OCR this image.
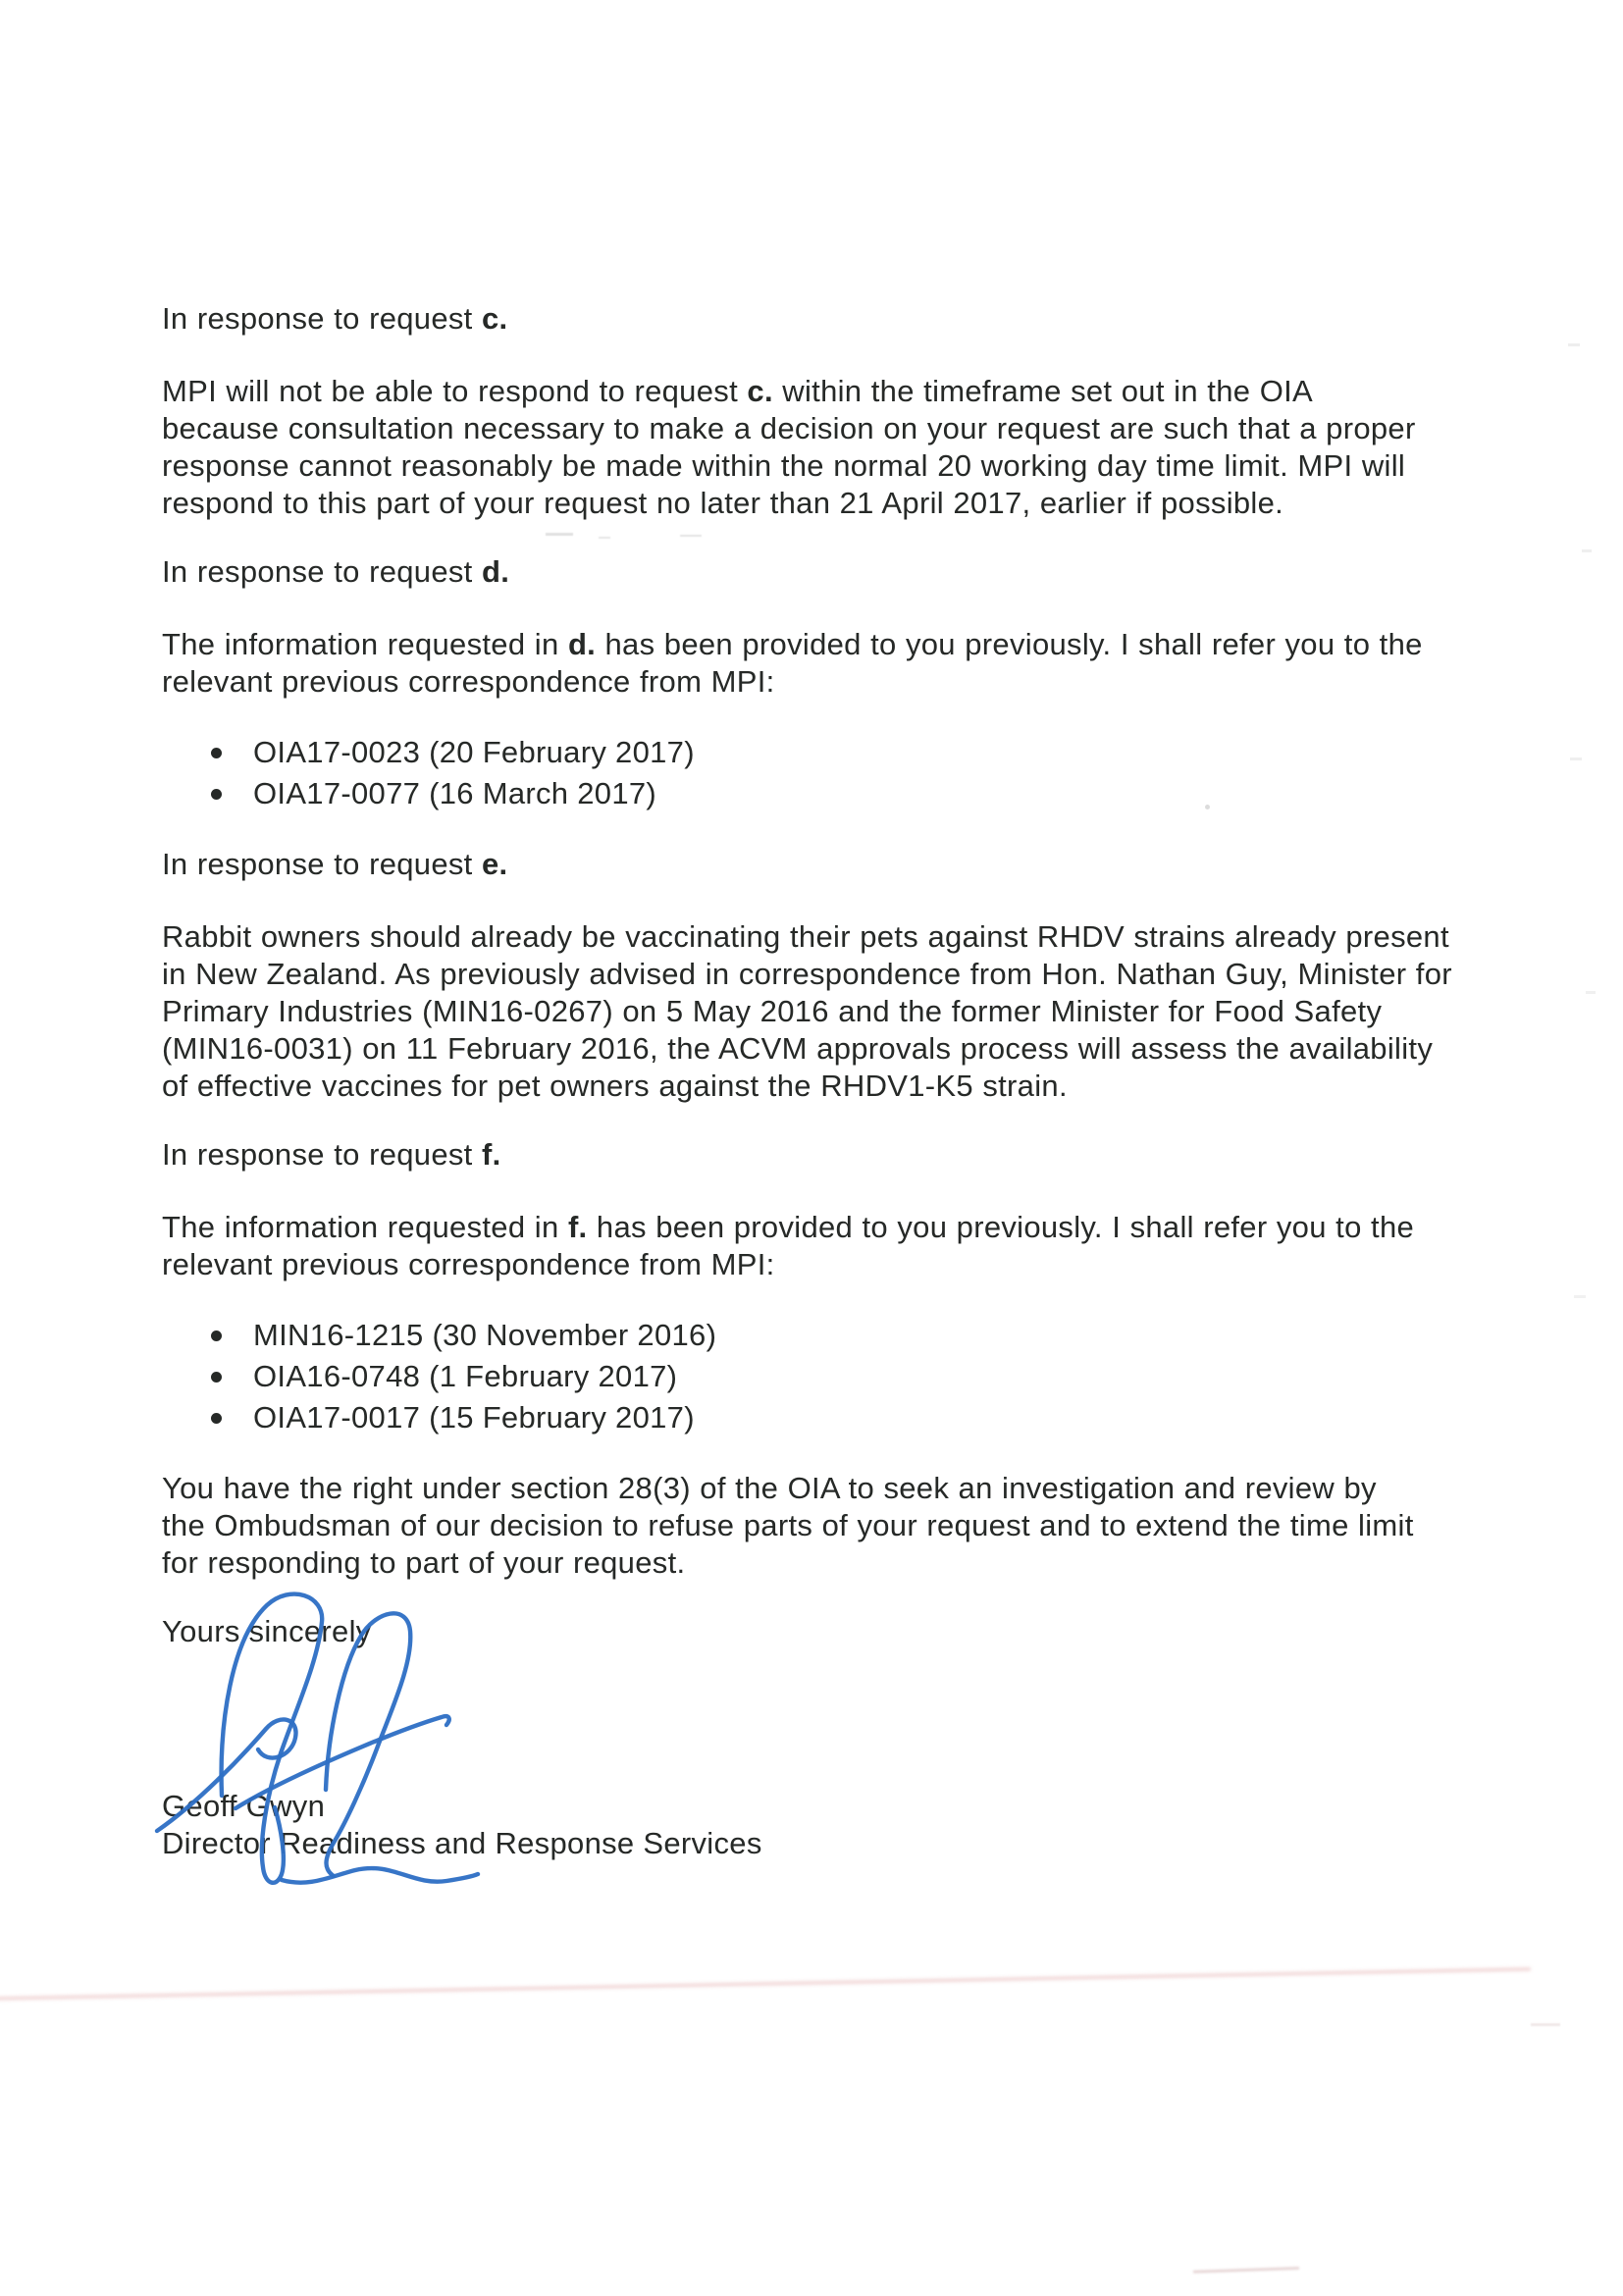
In response to request c.

MPI will not be able to respond to request c. within the timeframe set out in the OIA because consultation necessary to make a decision on your request are such that a proper response cannot reasonably be made within the normal 20 working day time limit. MPI will respond to this part of your request no later than 21 April 2017, earlier if possible.

In response to request d.

The information requested in d. has been provided to you previously. I shall refer you to the relevant previous correspondence from MPI:

OIA17-0023 (20 February 2017)
OIA17-0077 (16 March 2017)

In response to request e.

Rabbit owners should already be vaccinating their pets against RHDV strains already present in New Zealand. As previously advised in correspondence from Hon. Nathan Guy, Minister for Primary Industries (MIN16-0267) on 5 May 2016 and the former Minister for Food Safety (MIN16-0031) on 11 February 2016, the ACVM approvals process will assess the availability of effective vaccines for pet owners against the RHDV1-K5 strain.

In response to request f.

The information requested in f. has been provided to you previously. I shall refer you to the relevant previous correspondence from MPI:

MIN16-1215 (30 November 2016)
OIA16-0748 (1 February 2017)
OIA17-0017 (15 February 2017)

You have the right under section 28(3) of the OIA to seek an investigation and review by the Ombudsman of our decision to refuse parts of your request and to extend the time limit for responding to part of your request.

Yours sincerely

Geoff Gwyn

Director Readiness and Response Services
